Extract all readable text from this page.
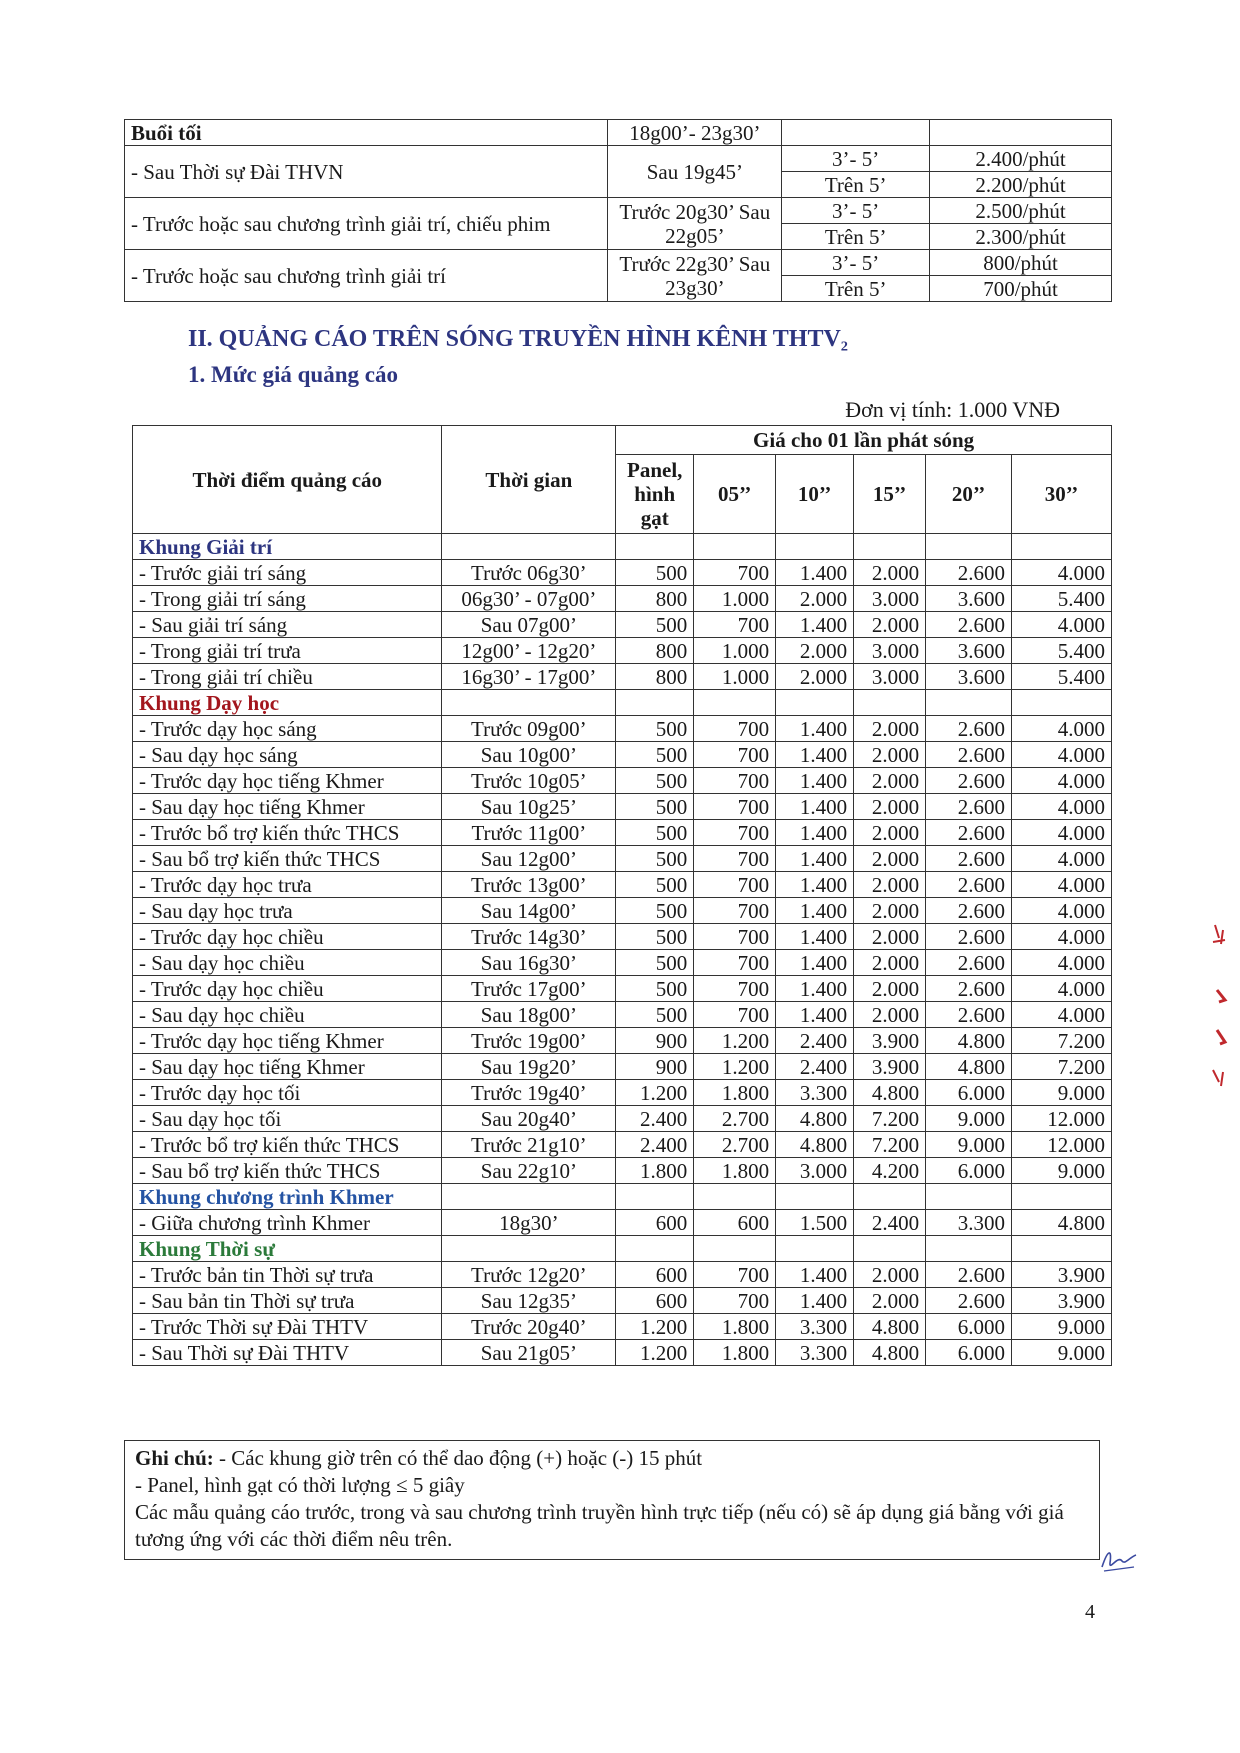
Buổi tối	18g00’- 23g30’		
- Sau Thời sự Đài THVN	Sau 19g45’	3’- 5’	2.400/phút
		Trên 5’	2.200/phút
- Trước hoặc sau chương trình giải trí, chiếu phim	Trước 20g30’ Sau 22g05’	3’- 5’	2.500/phút
		Trên 5’	2.300/phút
- Trước hoặc sau chương trình giải trí	Trước 22g30’ Sau 23g30’	3’- 5’	800/phút
		Trên 5’	700/phút
II. QUẢNG CÁO TRÊN SÓNG TRUYỀN HÌNH KÊNH THTV₂
1. Mức giá quảng cáo
Đơn vị tính: 1.000 VNĐ
Thời điểm quảng cáo	Thời gian	Giá cho 01 lần phát sóng					
		Panel, hình gạt	05’’	10’’	15’’	20’’	30’’
Khung Giải trí							
- Trước giải trí sáng	Trước 06g30’	500	700	1.400	2.000	2.600	4.000
- Trong giải trí sáng	06g30’ - 07g00’	800	1.000	2.000	3.000	3.600	5.400
- Sau giải trí sáng	Sau 07g00’	500	700	1.400	2.000	2.600	4.000
- Trong giải trí trưa	12g00’ - 12g20’	800	1.000	2.000	3.000	3.600	5.400
- Trong giải trí chiều	16g30’ - 17g00’	800	1.000	2.000	3.000	3.600	5.400
Khung Dạy học							
- Trước dạy học sáng	Trước 09g00’	500	700	1.400	2.000	2.600	4.000
- Sau dạy học sáng	Sau 10g00’	500	700	1.400	2.000	2.600	4.000
- Trước dạy học tiếng Khmer	Trước 10g05’	500	700	1.400	2.000	2.600	4.000
- Sau dạy học tiếng Khmer	Sau 10g25’	500	700	1.400	2.000	2.600	4.000
- Trước bổ trợ kiến thức THCS	Trước 11g00’	500	700	1.400	2.000	2.600	4.000
- Sau bổ trợ kiến thức THCS	Sau 12g00’	500	700	1.400	2.000	2.600	4.000
- Trước dạy học trưa	Trước 13g00’	500	700	1.400	2.000	2.600	4.000
- Sau dạy học trưa	Sau 14g00’	500	700	1.400	2.000	2.600	4.000
- Trước dạy học chiều	Trước 14g30’	500	700	1.400	2.000	2.600	4.000
- Sau dạy học chiều	Sau 16g30’	500	700	1.400	2.000	2.600	4.000
- Trước dạy học chiều	Trước 17g00’	500	700	1.400	2.000	2.600	4.000
- Sau dạy học chiều	Sau 18g00’	500	700	1.400	2.000	2.600	4.000
- Trước dạy học tiếng Khmer	Trước 19g00’	900	1.200	2.400	3.900	4.800	7.200
- Sau dạy học tiếng Khmer	Sau 19g20’	900	1.200	2.400	3.900	4.800	7.200
- Trước dạy học tối	Trước 19g40’	1.200	1.800	3.300	4.800	6.000	9.000
- Sau dạy học tối	Sau 20g40’	2.400	2.700	4.800	7.200	9.000	12.000
- Trước bổ trợ kiến thức THCS	Trước 21g10’	2.400	2.700	4.800	7.200	9.000	12.000
- Sau bổ trợ kiến thức THCS	Sau 22g10’	1.800	1.800	3.000	4.200	6.000	9.000
Khung chương trình Khmer							
- Giữa chương trình Khmer	18g30’	600	600	1.500	2.400	3.300	4.800
Khung Thời sự							
- Trước bản tin Thời sự trưa	Trước 12g20’	600	700	1.400	2.000	2.600	3.900
- Sau bản tin Thời sự trưa	Sau 12g35’	600	700	1.400	2.000	2.600	3.900
- Trước Thời sự Đài THTV	Trước 20g40’	1.200	1.800	3.300	4.800	6.000	9.000
- Sau Thời sự Đài THTV	Sau 21g05’	1.200	1.800	3.300	4.800	6.000	9.000
Ghi chú: - Các khung giờ trên có thể dao động (+) hoặc (-) 15 phút
- Panel, hình gạt có thời lượng ≤ 5 giây
Các mẫu quảng cáo trước, trong và sau chương trình truyền hình trực tiếp (nếu có) sẽ áp dụng giá bằng với giá tương ứng với các thời điểm nêu trên.
4
